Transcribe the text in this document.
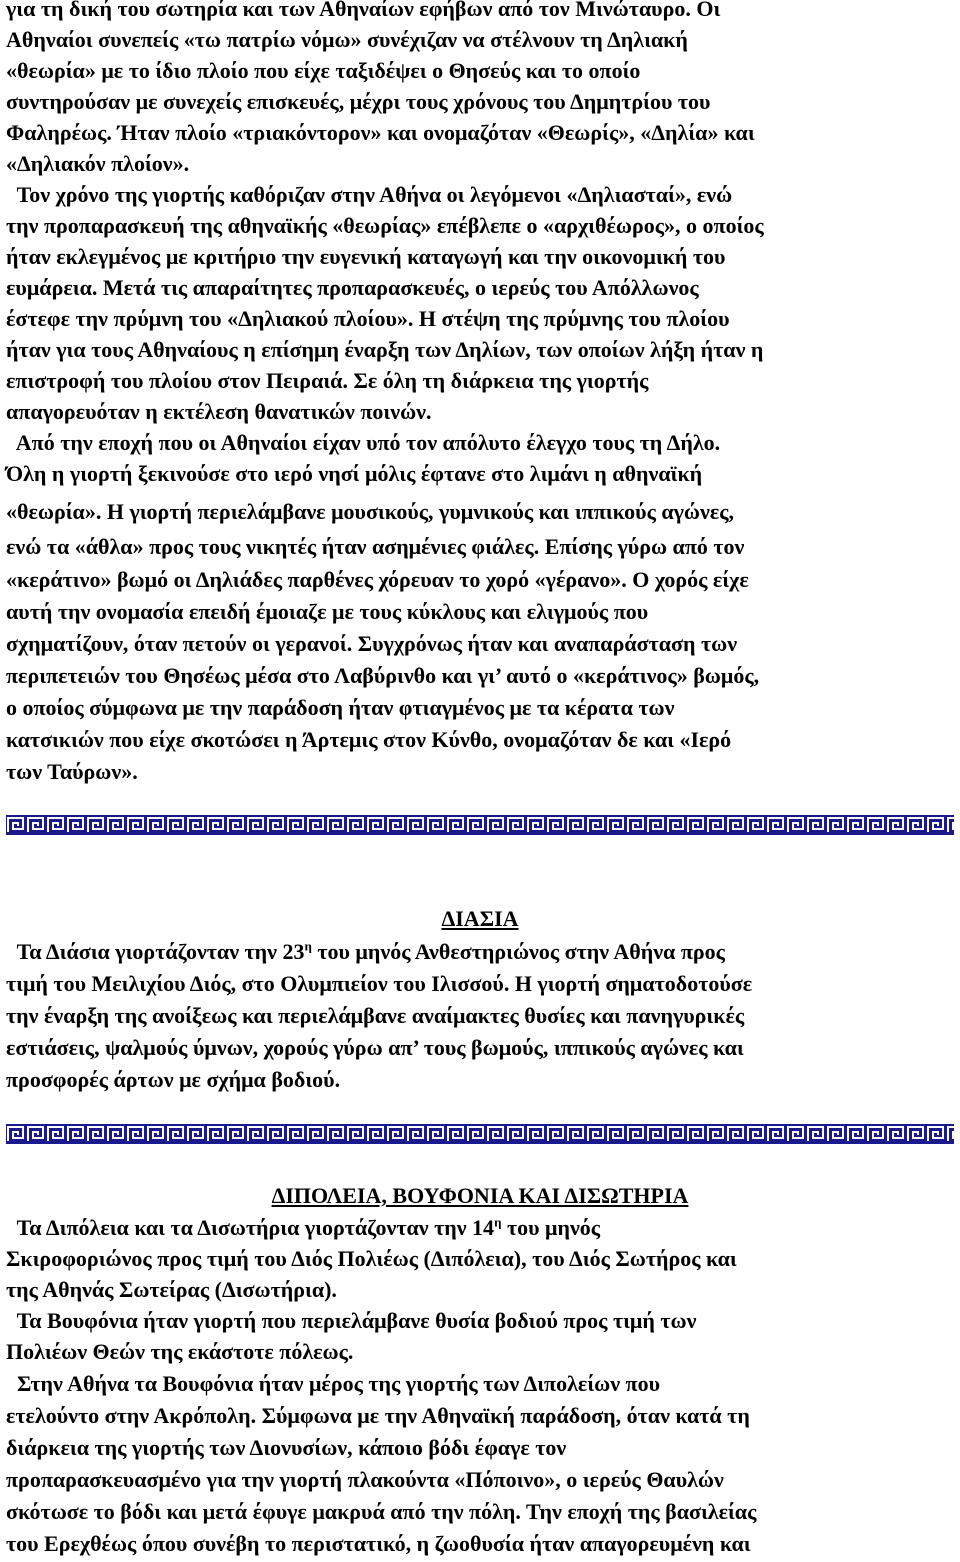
για τη δική του σωτηρία και των Αθηναίων εφήβων από τον Μινώταυρο. Οι
Αθηναίοι συνεπείς «τω πατρίω νόμω» συνέχιζαν να στέλνουν τη Δηλιακή
«θεωρία» με το ίδιο πλοίο που είχε ταξιδέψει ο Θησεύς και το οποίο
συντηρούσαν με συνεχείς επισκευές, μέχρι τους χρόνους του Δημητρίου του
Φαληρέως. Ήταν πλοίο «τριακόντορον» και ονομαζόταν «Θεωρίς», «Δηλία» και
«Δηλιακόν πλοίον».
Τον χρόνο της γιορτής καθόριζαν στην Αθήνα οι λεγόμενοι «Δηλιασταί», ενώ
την προπαρασκευή της αθηναϊκής «θεωρίας» επέβλεπε ο «αρχιθέωρος», ο οποίος
ήταν εκλεγμένος με κριτήριο την ευγενική καταγωγή και την οικονομική του
ευμάρεια. Μετά τις απαραίτητες προπαρασκευές, ο ιερεύς του Απόλλωνος
έστεφε την πρύμνη του «Δηλιακού πλοίου». Η στέψη της πρύμνης του πλοίου
ήταν για τους Αθηναίους η επίσημη έναρξη των Δηλίων, των οποίων λήξη ήταν η
επιστροφή του πλοίου στον Πειραιά. Σε όλη τη διάρκεια της γιορτής
απαγορευόταν η εκτέλεση θανατικών ποινών.
Από την εποχή που οι Αθηναίοι είχαν υπό τον απόλυτο έλεγχο τους τη Δήλο.
Όλη η γιορτή ξεκινούσε στο ιερό νησί μόλις έφτανε στο λιμάνι η αθηναϊκή
«θεωρία». Η γιορτή περιελάμβανε μουσικούς, γυμνικούς και ιππικούς αγώνες,
ενώ τα «άθλα» προς τους νικητές ήταν ασημένιες φιάλες. Επίσης γύρω από τον
«κεράτινο» βωμό οι Δηλιάδες παρθένες χόρευαν το χορό «γέρανο». Ο χορός είχε
αυτή την ονομασία επειδή έμοιαζε με τους κύκλους και ελιγμούς που
σχηματίζουν, όταν πετούν οι γερανοί. Συγχρόνως ήταν και αναπαράσταση των
περιπετειών του Θησέως μέσα στο Λαβύρινθο και γι’ αυτό ο «κεράτινος» βωμός,
ο οποίος σύμφωνα με την παράδοση ήταν φτιαγμένος με τα κέρατα των
κατσικιών που είχε σκοτώσει η Άρτεμις στον Κύνθο, ονομαζόταν δε και «Ιερό
των Ταύρων».
ΔΙΑΣΙΑ
Τα Διάσια γιορτάζονταν την $23^\eta$ του μηνός Ανθεστηριώνος στην Αθήνα προς
τιμή του Μειλιχίου Διός, στο Ολυμπιείον του Ιλισσού. Η γιορτή σηματοδοτούσε
την έναρξη της ανοίξεως και περιελάμβανε αναίμακτες θυσίες και πανηγυρικές
εστιάσεις, ψαλμούς ύμνων, χορούς γύρω απ’ τους βωμούς, ιππικούς αγώνες και
προσφορές άρτων με σχήμα βοδιού.
ΔΙΠΟΛΕΙΑ, ΒΟΥΦΟΝΙΑ ΚΑΙ ΔΙΣΩΤΗΡΙΑ
Τα Διπόλεια και τα Δισωτήρια γιορτάζονταν την $14^\eta$ του μηνός
Σκιροφοριώνος προς τιμή του Διός Πολιέως (Διπόλεια), του Διός Σωτήρος και
της Αθηνάς Σωτείρας (Δισωτήρια).
Τα Βουφόνια ήταν γιορτή που περιελάμβανε θυσία βοδιού προς τιμή των
Πολιέων Θεών της εκάστοτε πόλεως.
Στην Αθήνα τα Βουφόνια ήταν μέρος της γιορτής των Διπολείων που
ετελούντο στην Ακρόπολη. Σύμφωνα με την Αθηναϊκή παράδοση, όταν κατά τη
διάρκεια της γιορτής των Διονυσίων, κάποιο βόδι έφαγε τον
προπαρασκευασμένο για την γιορτή πλακούντα «Πόποινο», ο ιερεύς Θαυλών
σκότωσε το βόδι και μετά έφυγε μακρυά από την πόλη. Την εποχή της βασιλείας
του Ερεχθέως όπου συνέβη το περιστατικό, η ζωοθυσία ήταν απαγορευμένη και
